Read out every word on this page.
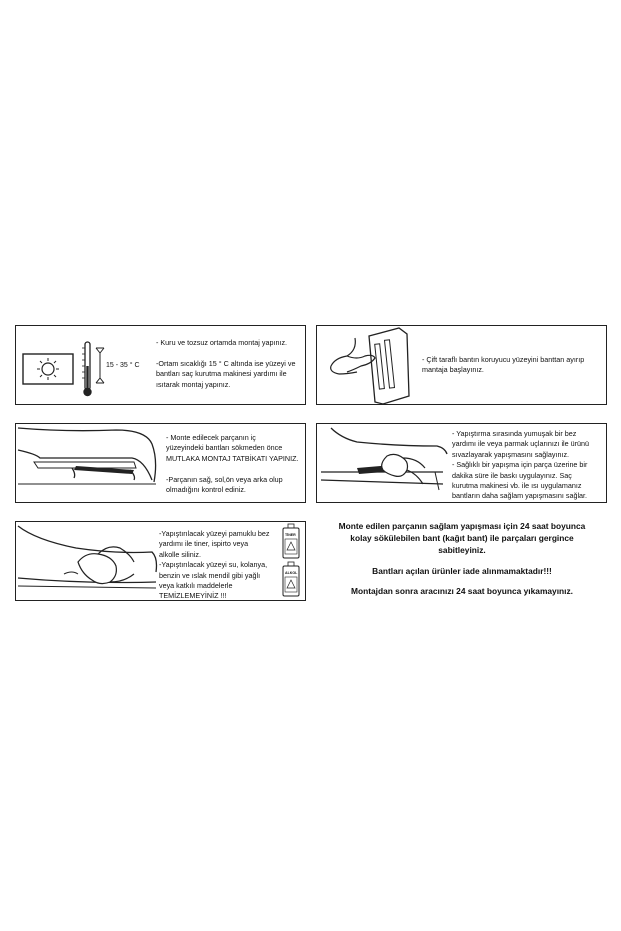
15 - 35 ° C
- Kuru ve tozsuz ortamda montaj yapınız.

-Ortam sıcaklığı 15 ° C altında ise yüzeyi ve
bantları saç kurutma makinesi yardımı ile
ısıtarak montaj yapınız.
- Çift taraflı bantın koruyucu yüzeyini banttan ayırıp
mantaja başlayınız.
- Monte edilecek parçanın iç
yüzeyindeki bantları sökmeden önce
MUTLAKA MONTAJ TATBİKATI YAPINIZ.

-Parçanın sağ, sol,ön veya arka olup
olmadığını kontrol ediniz.
- Yapıştırma sırasında yumuşak bir bez
yardımı ile veya parmak uçlarınızı ile ürünü
sıvazlayarak yapışmasını sağlayınız.
- Sağlıklı bir yapışma için parça üzerine bir
dakika süre ile baskı uygulayınız. Saç
kurutma makinesi vb. ile ısı uygulamanız
bantların daha sağlam yapışmasını sağlar.
-Yapıştırılacak yüzeyi pamuklu bez
yardımı ile tiner, ispirto veya
alkolle siliniz.
-Yapıştırılacak yüzeyi su, kolanya,
benzin ve ıslak mendil gibi yağlı
veya katkılı maddelerle
TEMİZLEMEYİNİZ !!!
TİNER
ALKOL
Monte edilen parçanın sağlam yapışması için 24 saat boyunca
kolay sökülebilen bant (kağıt bant) ile parçaları gergince
sabitleyiniz.
Bantları açılan ürünler iade alınmamaktadır!!!
Montajdan sonra aracınızı 24 saat boyunca yıkamayınız.
